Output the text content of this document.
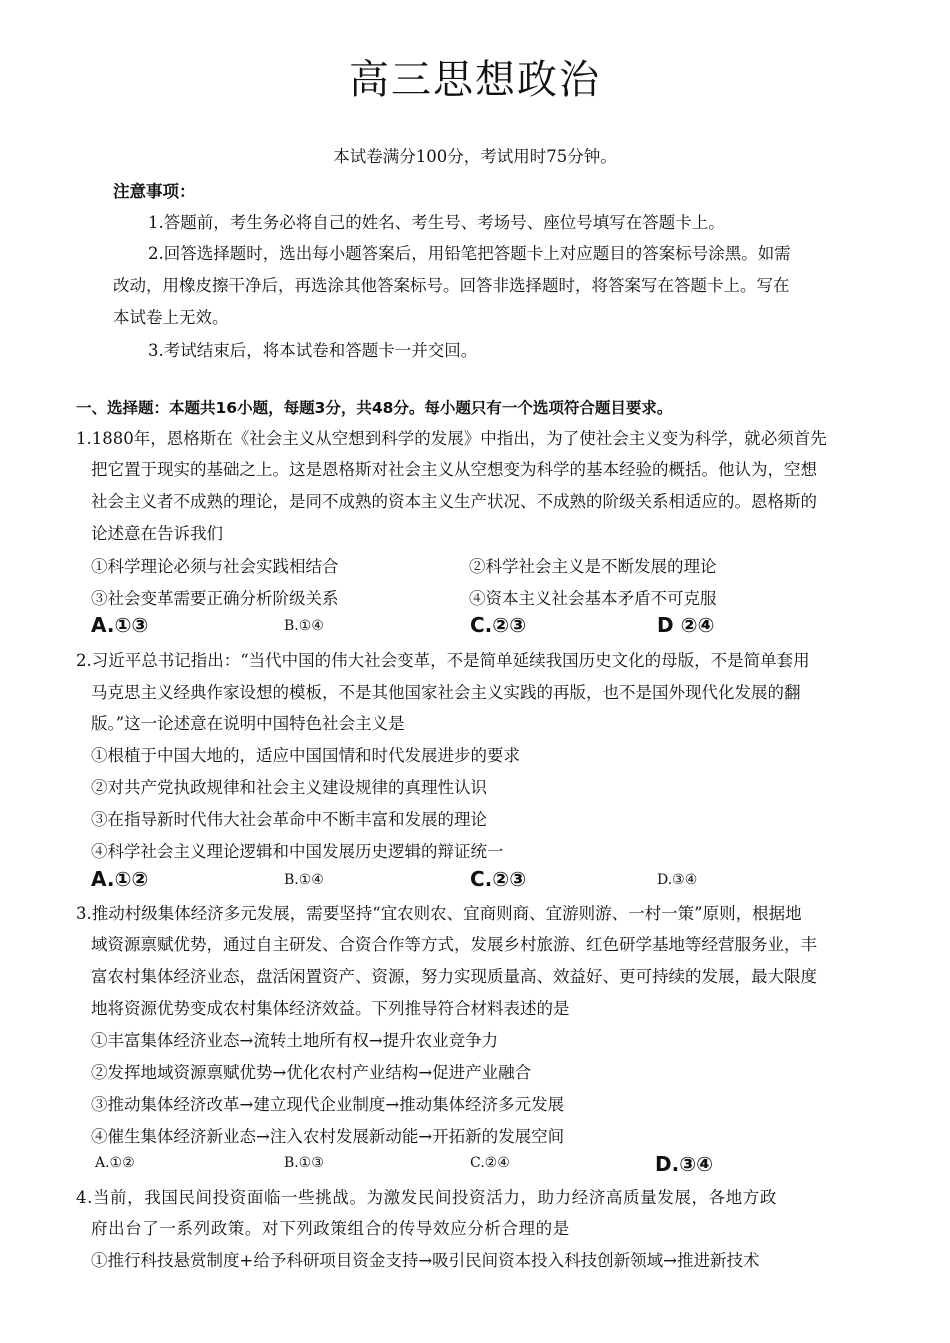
高三思想政治
本试卷满分100分，考试用时75分钟。
注意事项：
1.答题前，考生务必将自己的姓名、考生号、考场号、座位号填写在答题卡上。
2.回答选择题时，选出每小题答案后，用铅笔把答题卡上对应题目的答案标号涂黑。如需
改动，用橡皮擦干净后，再选涂其他答案标号。回答非选择题时，将答案写在答题卡上。写在
本试卷上无效。
3.考试结束后，将本试卷和答题卡一并交回。
一、选择题：本题共16小题，每题3分，共48分。每小题只有一个选项符合题目要求。
1.1880年，恩格斯在《社会主义从空想到科学的发展》中指出，为了使社会主义变为科学，就必须首先
把它置于现实的基础之上。这是恩格斯对社会主义从空想变为科学的基本经验的概括。他认为，空想
社会主义者不成熟的理论，是同不成熟的资本主义生产状况、不成熟的阶级关系相适应的。恩格斯的
论述意在告诉我们
①科学理论必须与社会实践相结合	②科学社会主义是不断发展的理论
③社会变革需要正确分析阶级关系	④资本主义社会基本矛盾不可克服
A.①③	B.①④	C.②③	D ②④
2.习近平总书记指出：“当代中国的伟大社会变革，不是简单延续我国历史文化的母版，不是简单套用
马克思主义经典作家设想的模板，不是其他国家社会主义实践的再版，也不是国外现代化发展的翻
版。”这一论述意在说明中国特色社会主义是
①根植于中国大地的，适应中国国情和时代发展进步的要求
②对共产党执政规律和社会主义建设规律的真理性认识
③在指导新时代伟大社会革命中不断丰富和发展的理论
④科学社会主义理论逻辑和中国发展历史逻辑的辩证统一
A.①②	B.①④	C.②③	D.③④
3.推动村级集体经济多元发展，需要坚持“宜农则农、宜商则商、宜游则游、一村一策”原则，根据地
域资源禀赋优势，通过自主研发、合资合作等方式，发展乡村旅游、红色研学基地等经营服务业，丰
富农村集体经济业态，盘活闲置资产、资源，努力实现质量高、效益好、更可持续的发展，最大限度
地将资源优势变成农村集体经济效益。下列推导符合材料表述的是
①丰富集体经济业态→流转土地所有权→提升农业竞争力
②发挥地域资源禀赋优势→优化农村产业结构→促进产业融合
③推动集体经济改革→建立现代企业制度→推动集体经济多元发展
④催生集体经济新业态→注入农村发展新动能→开拓新的发展空间
A.①②	B.①③	C.②④	D.③④
4.当前，我国民间投资面临一些挑战。为激发民间投资活力，助力经济高质量发展，各地方政
府出台了一系列政策。对下列政策组合的传导效应分析合理的是
①推行科技悬赏制度+给予科研项目资金支持→吸引民间资本投入科技创新领域→推进新技术
